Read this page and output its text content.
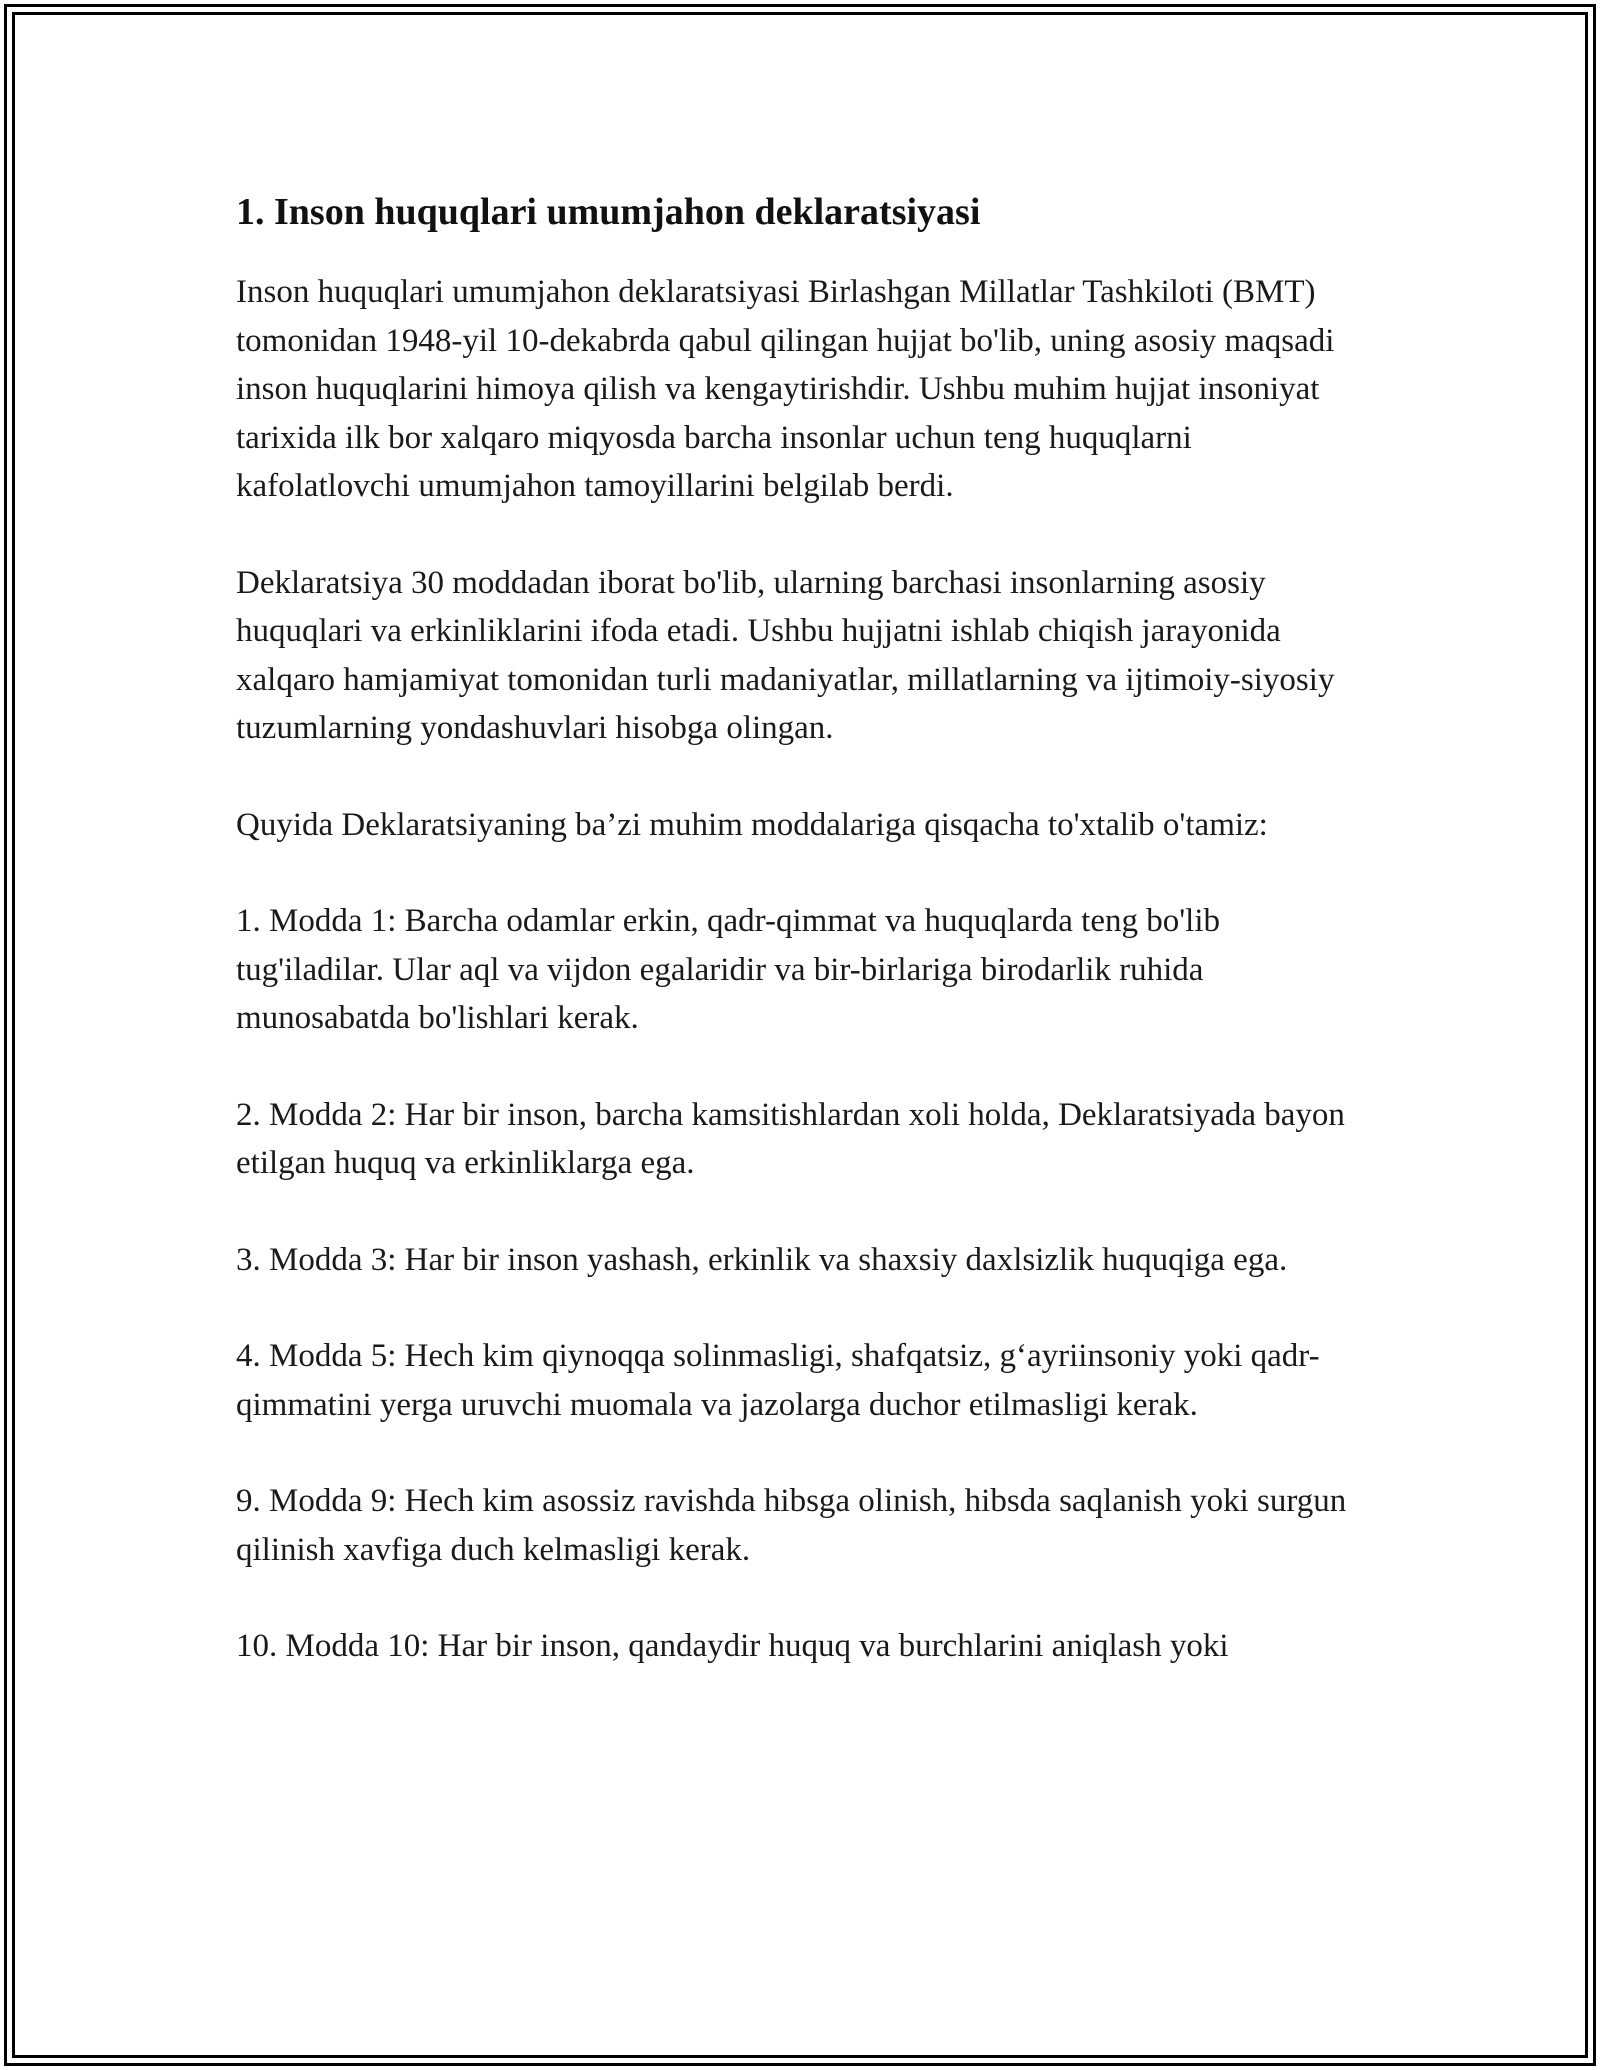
1. Inson huquqlari umumjahon deklaratsiyasi

Inson huquqlari umumjahon deklaratsiyasi Birlashgan Millatlar Tashkiloti (BMT) tomonidan 1948-yil 10-dekabrda qabul qilingan hujjat bo'lib, uning asosiy maqsadi inson huquqlarini himoya qilish va kengaytirishdir. Ushbu muhim hujjat insoniyat tarixida ilk bor xalqaro miqyosda barcha insonlar uchun teng huquqlarni kafolatlovchi umumjahon tamoyillarini belgilab berdi.

Deklaratsiya 30 moddadan iborat bo'lib, ularning barchasi insonlarning asosiy huquqlari va erkinliklarini ifoda etadi. Ushbu hujjatni ishlab chiqish jarayonida xalqaro hamjamiyat tomonidan turli madaniyatlar, millatlarning va ijtimoiy-siyosiy tuzumlarning yondashuvlari hisobga olingan.

Quyida Deklaratsiyaning ba’zi muhim moddalariga qisqacha to'xtalib o'tamiz:

1. Modda 1: Barcha odamlar erkin, qadr-qimmat va huquqlarda teng bo'lib tug'iladilar. Ular aql va vijdon egalaridir va bir-birlariga birodarlik ruhida munosabatda bo'lishlari kerak.

2. Modda 2: Har bir inson, barcha kamsitishlardan xoli holda, Deklaratsiyada bayon etilgan huquq va erkinliklarga ega.

3. Modda 3: Har bir inson yashash, erkinlik va shaxsiy daxlsizlik huquqiga ega.

4. Modda 5: Hech kim qiynoqqa solinmasligi, shafqatsiz, g‘ayriinsoniy yoki qadr-qimmatini yerga uruvchi muomala va jazolarga duchor etilmasligi kerak.

9. Modda 9: Hech kim asossiz ravishda hibsga olinish, hibsda saqlanish yoki surgun qilinish xavfiga duch kelmasligi kerak.

10. Modda 10: Har bir inson, qandaydir huquq va burchlarini aniqlash yoki
